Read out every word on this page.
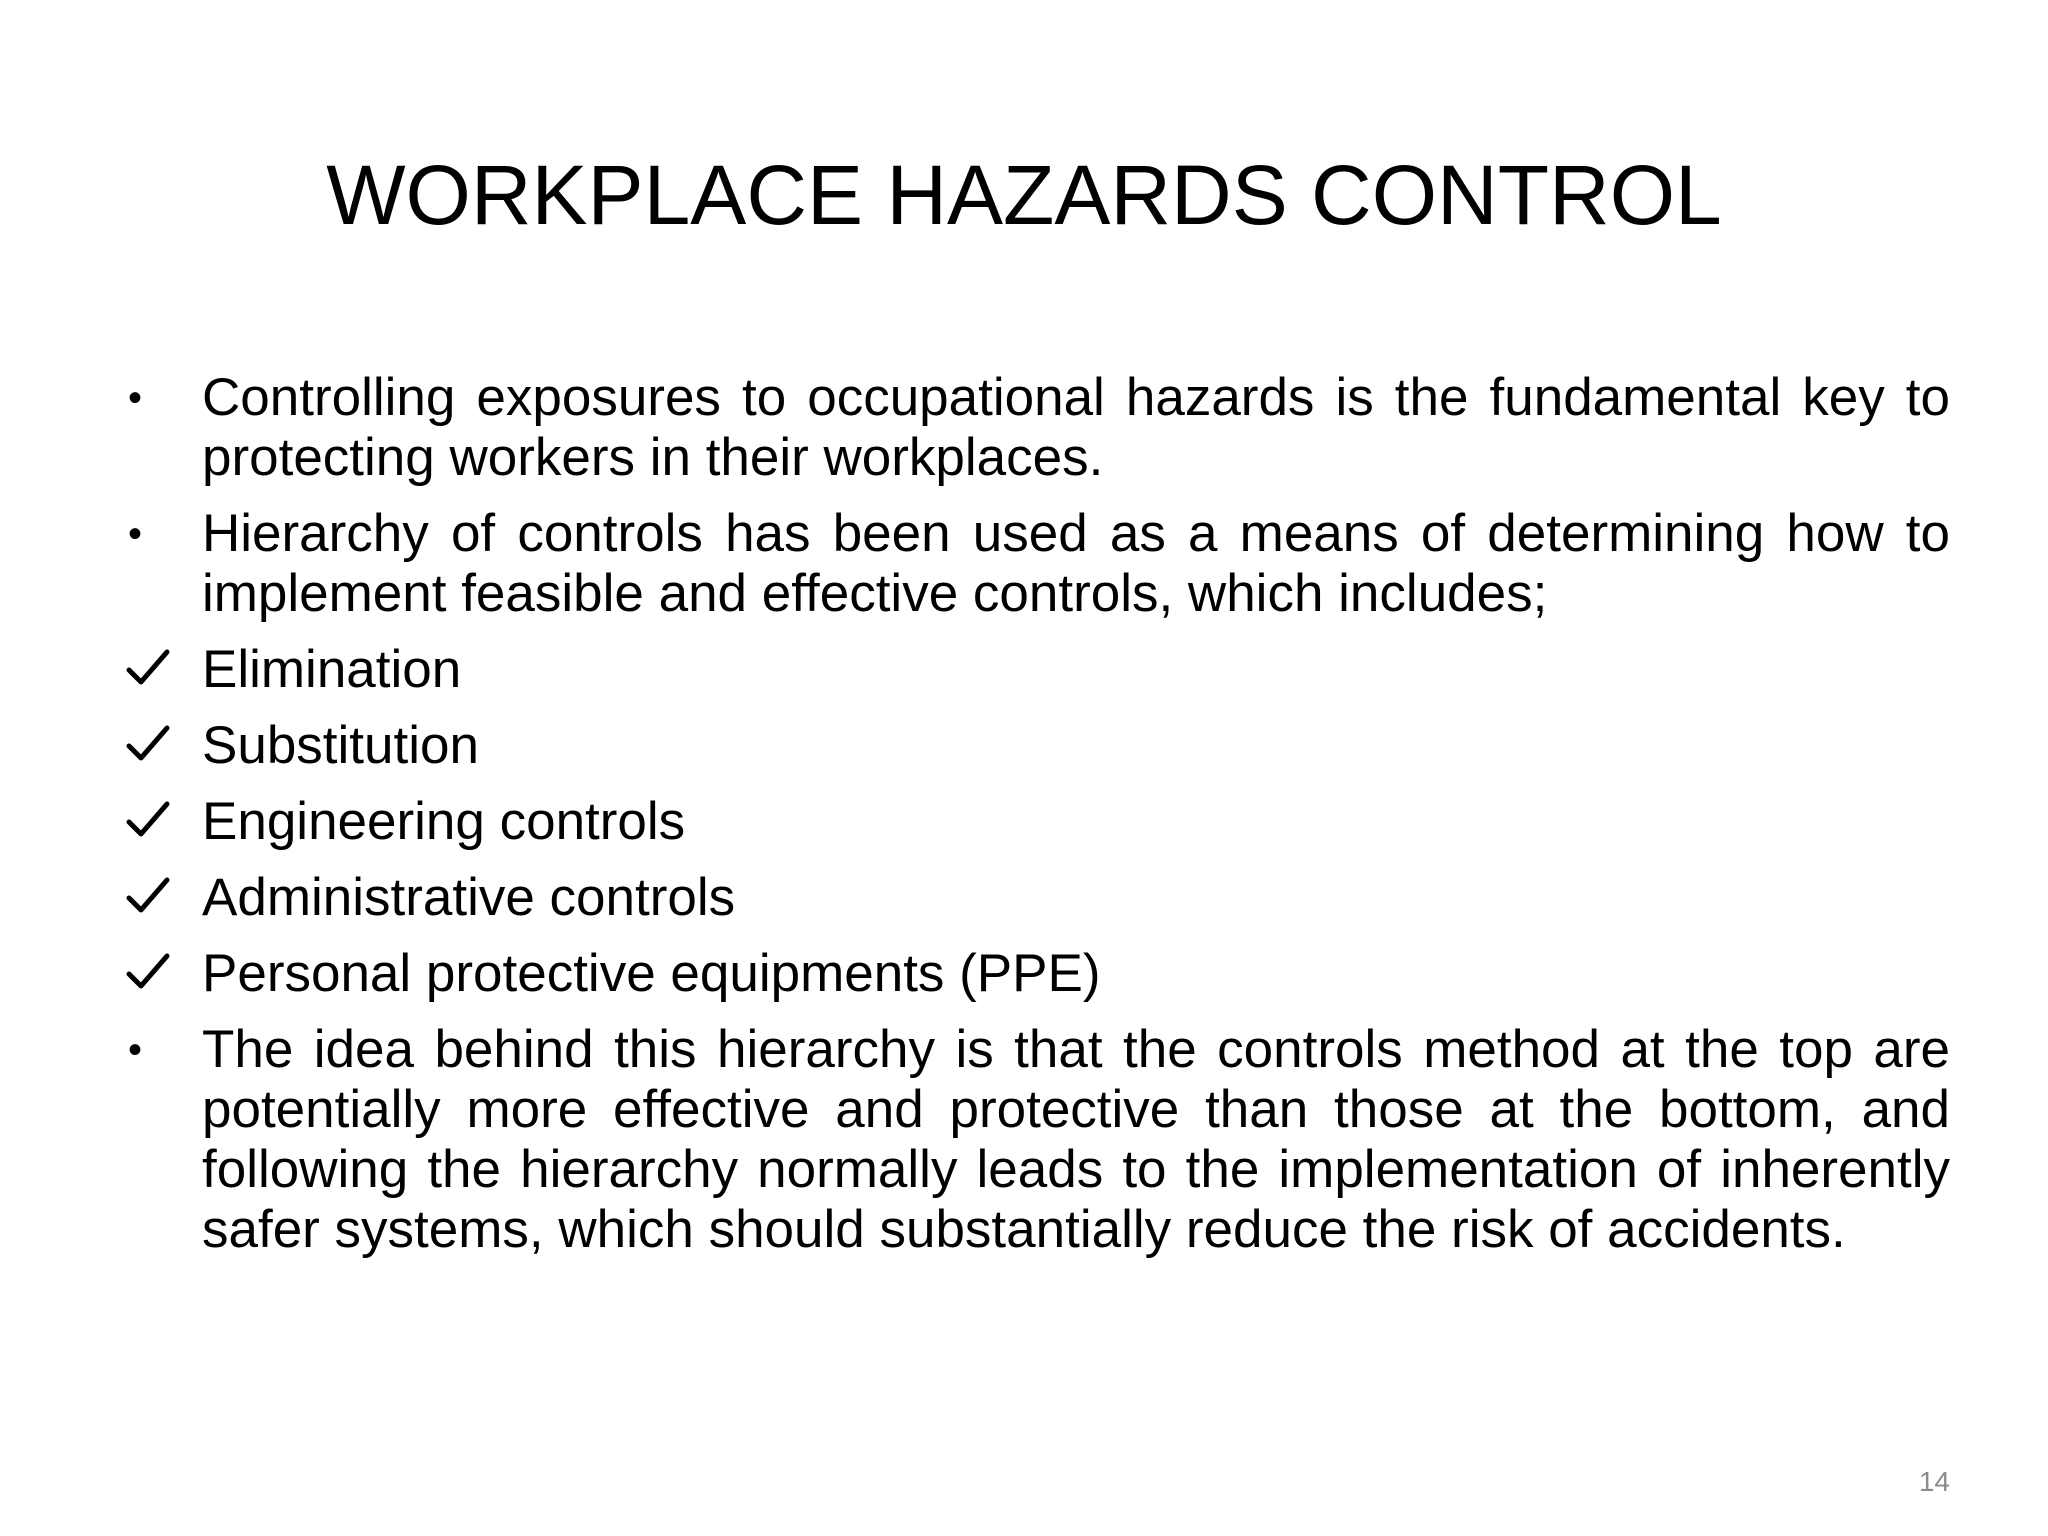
WORKPLACE HAZARDS CONTROL
•	Controlling exposures to occupational hazards is the fundamental key to protecting workers in their workplaces.
•	Hierarchy of controls has been used as a means of determining how to implement feasible and effective controls, which includes;
Elimination
Substitution
Engineering controls
Administrative controls
Personal protective equipments (PPE)
•	The idea behind this hierarchy is that the controls method at the top are potentially more effective and protective than those at the bottom, and following the hierarchy normally leads to the implementation of inherently safer systems, which should substantially reduce the risk of accidents.
14
